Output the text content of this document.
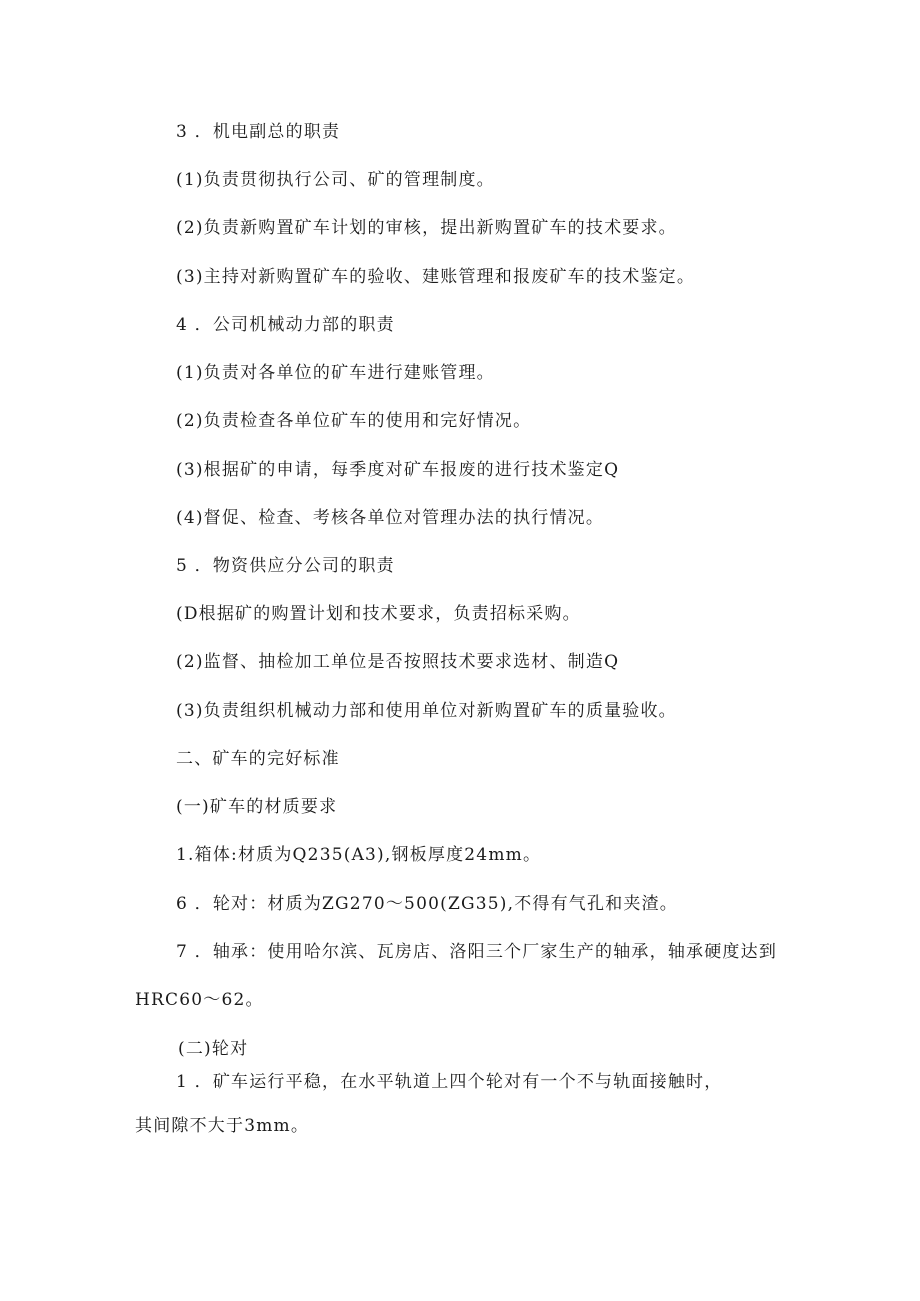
3 ．机电副总的职责
(1)负责贯彻执行公司、矿的管理制度。
(2)负责新购置矿车计划的审核，提出新购置矿车的技术要求。
(3)主持对新购置矿车的验收、建账管理和报废矿车的技术鉴定。
4 ．公司机械动力部的职责
(1)负责对各单位的矿车进行建账管理。
(2)负责检查各单位矿车的使用和完好情况。
(3)根据矿的申请，每季度对矿车报废的进行技术鉴定Q
(4)督促、检查、考核各单位对管理办法的执行情况。
5 ．物资供应分公司的职责
(D根据矿的购置计划和技术要求，负责招标采购。
(2)监督、抽检加工单位是否按照技术要求选材、制造Q
(3)负责组织机械动力部和使用单位对新购置矿车的质量验收。
二、矿车的完好标准
(一)矿车的材质要求
1.箱体:材质为Q235(A3),钢板厚度24mm。
6 ．轮对：材质为ZG270～500(ZG35),不得有气孔和夹渣。
7 ．轴承：使用哈尔滨、瓦房店、洛阳三个厂家生产的轴承，轴承硬度达到
HRC60～62。
(二)轮对
1 ．矿车运行平稳，在水平轨道上四个轮对有一个不与轨面接触时，
其间隙不大于3mm。
